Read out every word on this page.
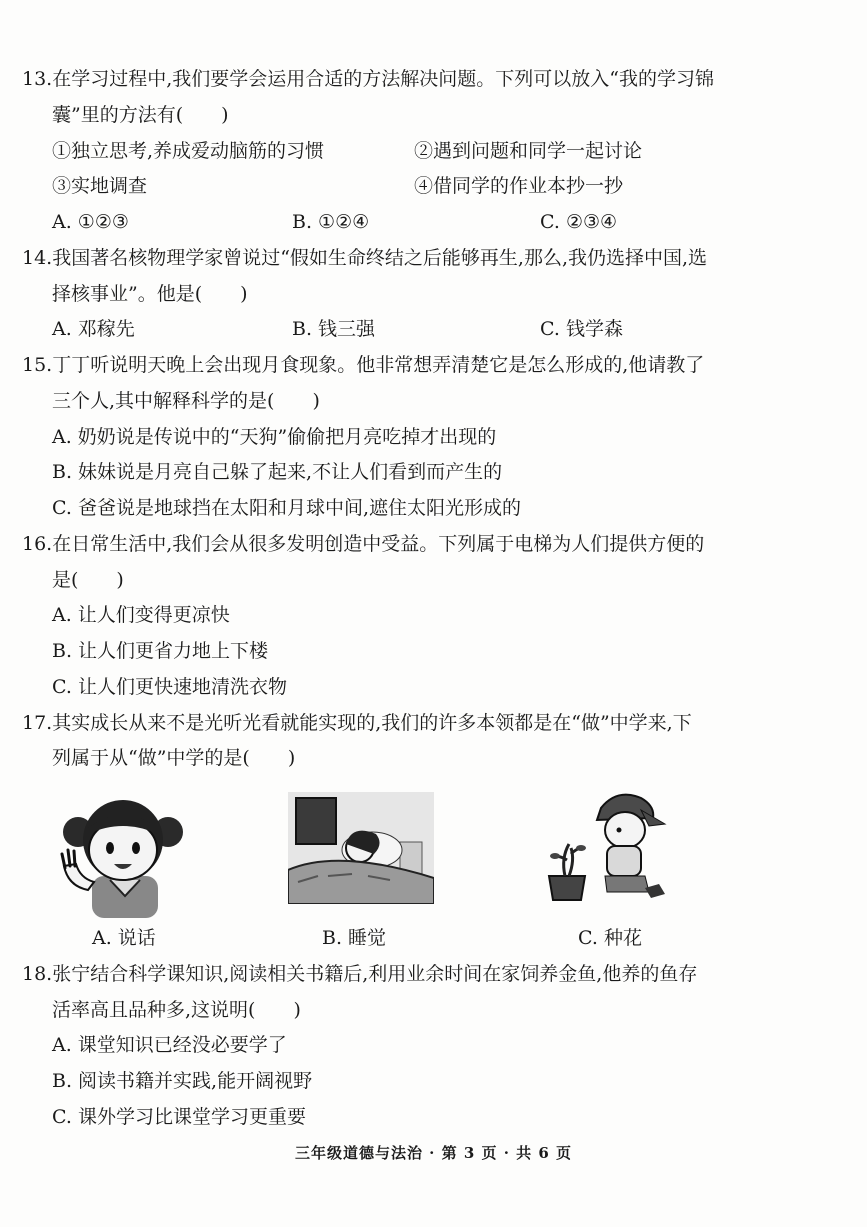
13.在学习过程中,我们要学会运用合适的方法解决问题。下列可以放入“我的学习锦
囊”里的方法有(　　)
①独立思考,养成爱动脑筋的习惯	②遇到问题和同学一起讨论
③实地调查	④借同学的作业本抄一抄
A. ①②③	B. ①②④	C. ②③④
14.我国著名核物理学家曾说过“假如生命终结之后能够再生,那么,我仍选择中国,选
择核事业”。他是(　　)
A. 邓稼先	B. 钱三强	C. 钱学森
15.丁丁听说明天晚上会出现月食现象。他非常想弄清楚它是怎么形成的,他请教了
三个人,其中解释科学的是(　　)
A. 奶奶说是传说中的“天狗”偷偷把月亮吃掉才出现的
B. 妹妹说是月亮自己躲了起来,不让人们看到而产生的
C. 爸爸说是地球挡在太阳和月球中间,遮住太阳光形成的
16.在日常生活中,我们会从很多发明创造中受益。下列属于电梯为人们提供方便的
是(　　)
A. 让人们变得更凉快
B. 让人们更省力地上下楼
C. 让人们更快速地清洗衣物
17.其实成长从来不是光听光看就能实现的,我们的许多本领都是在“做”中学来,下
列属于从“做”中学的是(　　)
A. 说话	B. 睡觉	C. 种花
18.张宁结合科学课知识,阅读相关书籍后,利用业余时间在家饲养金鱼,他养的鱼存
活率高且品种多,这说明(　　)
A. 课堂知识已经没必要学了
B. 阅读书籍并实践,能开阔视野
C. 课外学习比课堂学习更重要
三年级道德与法治 · 第 3 页 · 共 6 页
